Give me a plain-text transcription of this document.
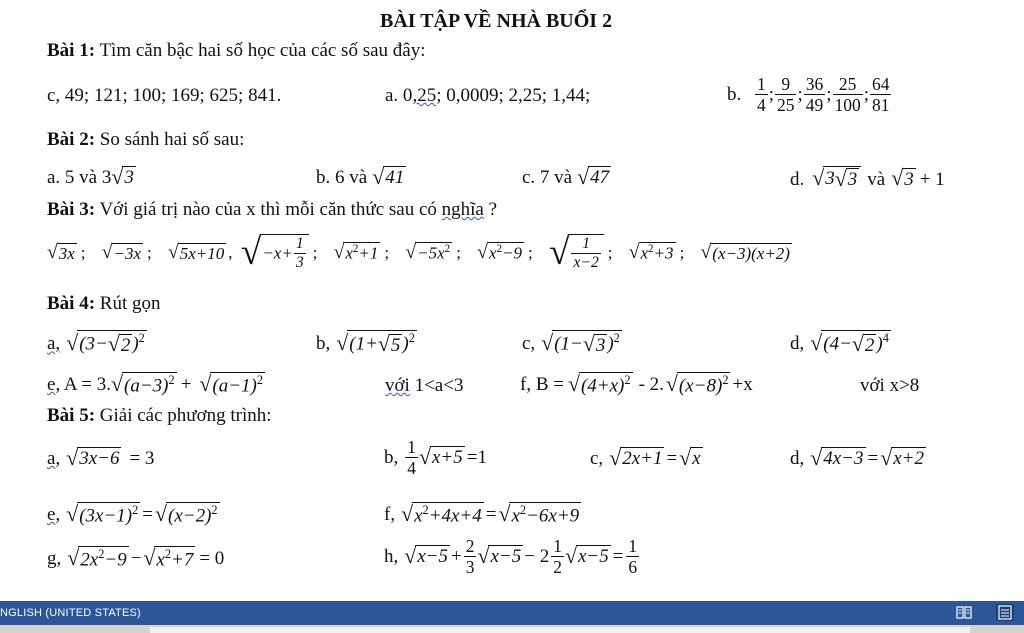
BÀI TẬP VỀ NHÀ BUỔI 2
Bài 1: Tìm căn bậc hai số học của các số sau đây:
c, 49; 121; 100; 169; 625; 841.	a. 0,25; 0,0009; 2,25; 1,44;	b. $\frac{1}{4}$ ; $\frac{9}{25}$ ; $\frac{36}{49}$ ; $\frac{25}{100}$ ; $\frac{64}{81}$
Bài 2: So sánh hai số sau:
a. 5 và 3√3	b. 6 và √41	c. 7 và √47	d. √3√3 và √3 + 1
Bài 3: Với giá trị nào của x thì mỗi căn thức sau có nghĩa ?
√3x ; √−3x ; √5x+10 , $√-x+ \frac{1}{3}$ ; $√x^2+1$ ; $√-5x^2$ ; $√x^2-9$ ; √ $\frac{1}{x-2}$ ; $√x^2+3$ ; √(x−3)(x+2)
Bài 4: Rút gọn
a, √(3−√2 )$^2$	b, √(1+√5 )$^2$	c, √(1−√3 )$^2$	d, √(4−√2 )$^4$
e, $A = 3.√(a-3)^2 + √(a-1)^2$	với 1<a<3	f, $B = √(4+x)^2 - 2.√(x-8)^2 +x$	với x>8
Bài 5: Giải các phương trình:
a, √3x−6 = 3	b, $\frac{1}{4} √x+5 =1$	c, √2x+1 =√x	d, √4x−3 =√x+2
e, $√(3x-1)^2 =√(x-2)^2$	f, $√x^2+4x+4 =√x^2-6x+9$
g, $√2x^2-9 -√x^2+7 = 0$	h, $√x-5 + \frac{2}{3} √x-5 - 2 \frac{1}{2} √x-5 = \frac{1}{6}$
NGLISH (UNITED STATES)
